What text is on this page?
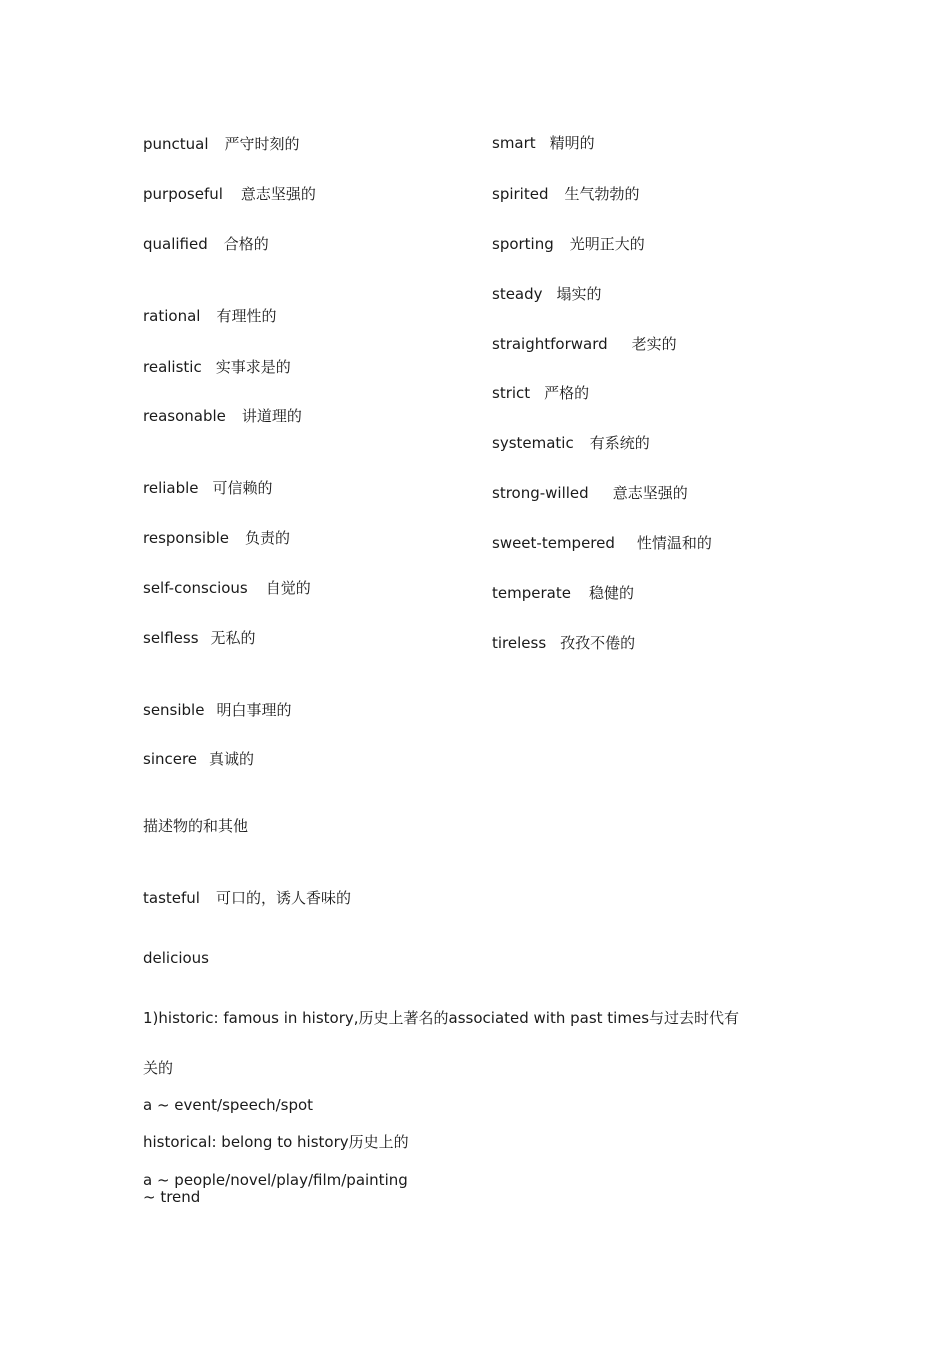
punctual 严守时刻的
purposeful 意志坚强的
qualified 合格的
rational 有理性的
realistic 实事求是的
reasonable 讲道理的
reliable 可信赖的
responsible 负责的
self-conscious 自觉的
selfless 无私的
sensible 明白事理的
sincere 真诚的
smart 精明的
spirited 生气勃勃的
sporting 光明正大的
steady 塌实的
straightforward 老实的
strict 严格的
systematic 有系统的
strong-willed 意志坚强的
sweet-tempered 性情温和的
temperate 稳健的
tireless 孜孜不倦的
描述物的和其他
tasteful 可口的，诱人香味的
delicious
1)historic: famous in history,历史上著名的associated with past times与过去时代有
关的
a ~ event/speech/spot
historical: belong to history历史上的
a ~ people/novel/play/film/painting
~ trend
